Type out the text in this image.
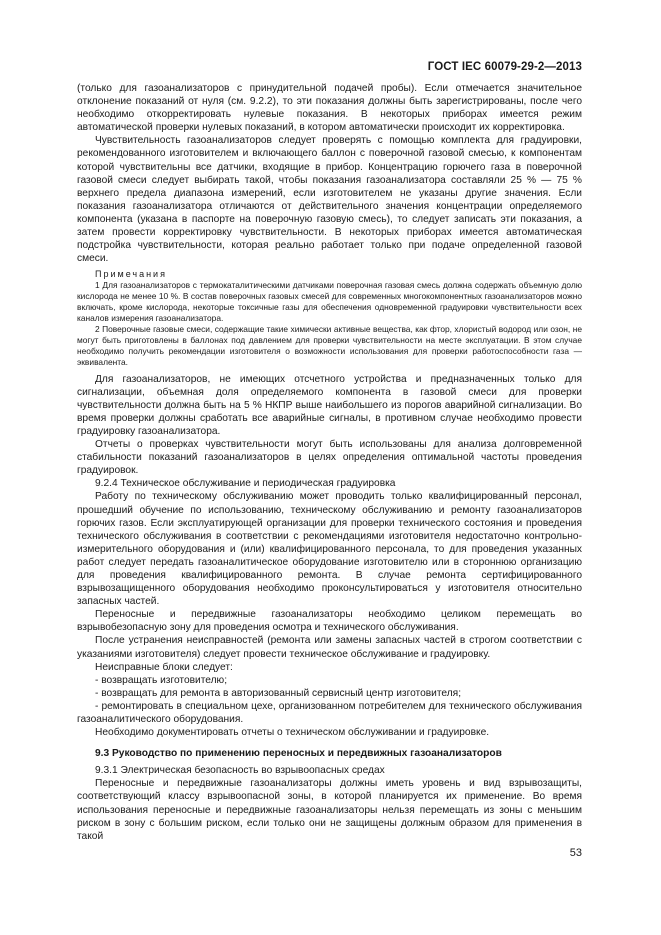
ГОСТ IEC 60079-29-2—2013

(только для газоанализаторов с принудительной подачей пробы). Если отмечается значительное отклонение показаний от нуля (см. 9.2.2), то эти показания должны быть зарегистрированы, после чего необходимо откорректировать нулевые показания. В некоторых приборах имеется режим автоматической проверки нулевых показаний, в котором автоматически происходит их корректировка.

Чувствительность газоанализаторов следует проверять с помощью комплекта для градуировки, рекомендованного изготовителем и включающего баллон с поверочной газовой смесью, к компонентам которой чувствительны все датчики, входящие в прибор. Концентрацию горючего газа в поверочной газовой смеси следует выбирать такой, чтобы показания газоанализатора составляли 25 % — 75 % верхнего предела диапазона измерений, если изготовителем не указаны другие значения. Если показания газоанализатора отличаются от действительного значения концентрации определяемого компонента (указана в паспорте на поверочную газовую смесь), то следует записать эти показания, а затем провести корректировку чувствительности. В некоторых приборах имеется автоматическая подстройка чувствительности, которая реально работает только при подаче определенной газовой смеси.

Примечания

1 Для газоанализаторов с термокаталитическими датчиками поверочная газовая смесь должна содержать объемную долю кислорода не менее 10 %. В состав поверочных газовых смесей для современных многокомпонентных газоанализаторов можно включать, кроме кислорода, некоторые токсичные газы для обеспечения одновременной градуировки чувствительности всех каналов измерения газоанализатора.

2 Поверочные газовые смеси, содержащие такие химически активные вещества, как фтор, хлористый водород или озон, не могут быть приготовлены в баллонах под давлением для проверки чувствительности на месте эксплуатации. В этом случае необходимо получить рекомендации изготовителя о возможности использования для проверки работоспособности газа — эквивалента.

Для газоанализаторов, не имеющих отсчетного устройства и предназначенных только для сигнализации, объемная доля определяемого компонента в газовой смеси для проверки чувствительности должна быть на 5 % НКПР выше наибольшего из порогов аварийной сигнализации. Во время проверки должны сработать все аварийные сигналы, в противном случае необходимо провести градуировку газоанализатора.

Отчеты о проверках чувствительности могут быть использованы для анализа долговременной стабильности показаний газоанализаторов в целях определения оптимальной частоты проведения градуировок.

9.2.4 Техническое обслуживание и периодическая градуировка

Работу по техническому обслуживанию может проводить только квалифицированный персонал, прошедший обучение по использованию, техническому обслуживанию и ремонту газоанализаторов горючих газов. Если эксплуатирующей организации для проверки технического состояния и проведения технического обслуживания в соответствии с рекомендациями изготовителя недостаточно контрольно-измерительного оборудования и (или) квалифицированного персонала, то для проведения указанных работ следует передать газоаналитическое оборудование изготовителю или в стороннюю организацию для проведения квалифицированного ремонта. В случае ремонта сертифицированного взрывозащищенного оборудования необходимо проконсультироваться у изготовителя относительно запасных частей.

Переносные и передвижные газоанализаторы необходимо целиком перемещать во взрывобезопасную зону для проведения осмотра и технического обслуживания.

После устранения неисправностей (ремонта или замены запасных частей в строгом соответствии с указаниями изготовителя) следует провести техническое обслуживание и градуировку.

Неисправные блоки следует:

- возвращать изготовителю;

- возвращать для ремонта в авторизованный сервисный центр изготовителя;

- ремонтировать в специальном цехе, организованном потребителем для технического обслуживания газоаналитического оборудования.

Необходимо документировать отчеты о техническом обслуживании и градуировке.

9.3 Руководство по применению переносных и передвижных газоанализаторов

9.3.1 Электрическая безопасность во взрывоопасных средах

Переносные и передвижные газоанализаторы должны иметь уровень и вид взрывозащиты, соответствующий классу взрывоопасной зоны, в которой планируется их применение. Во время использования переносные и передвижные газоанализаторы нельзя перемещать из зоны с меньшим риском в зону с большим риском, если только они не защищены должным образом для применения в такой

53
